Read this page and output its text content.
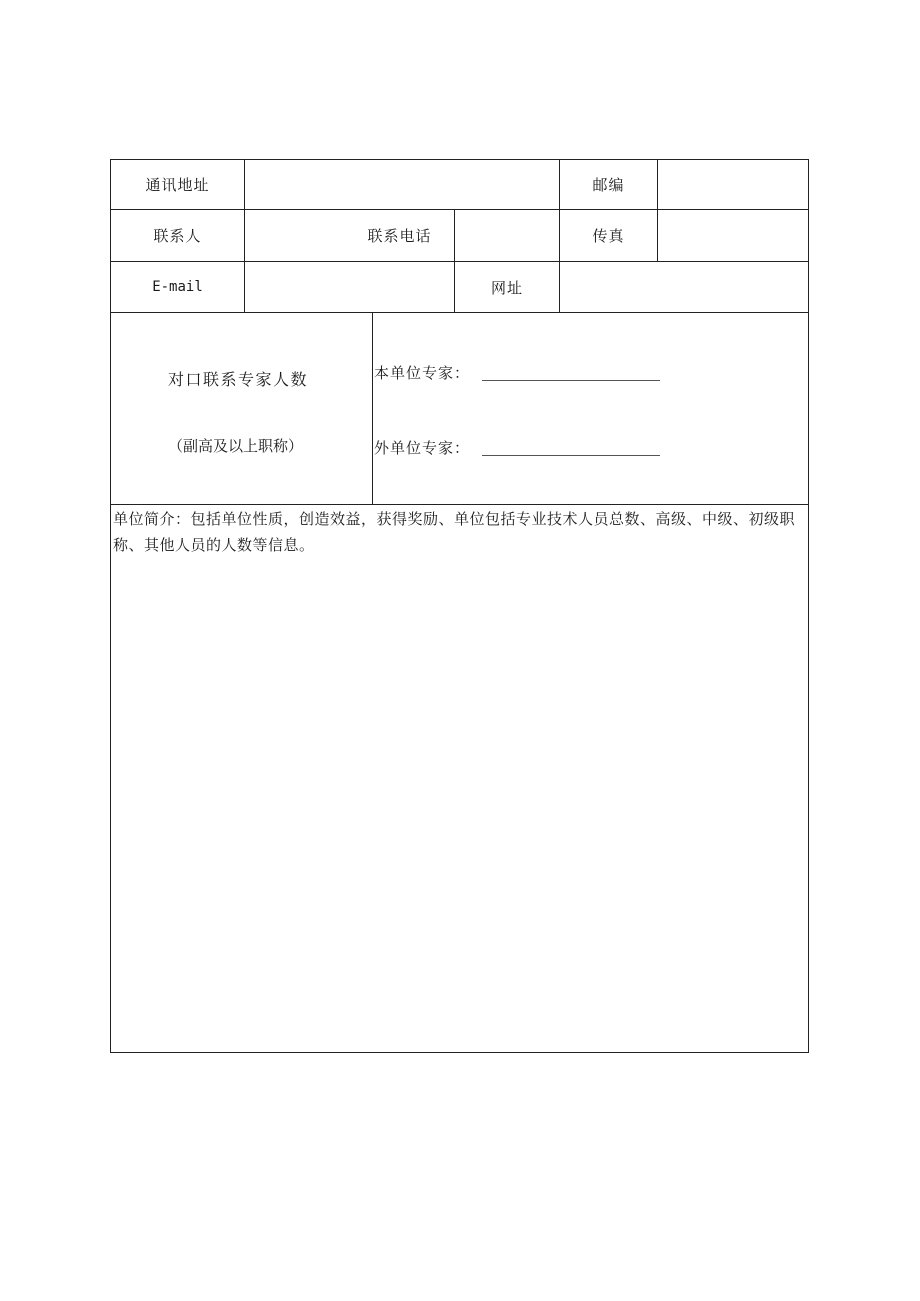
通讯地址	邮编
联系人	联系电话	传真
E-mail	网址
对口联系专家人数
（副高及以上职称）
本单位专家：
外单位专家：
单位简介：包括单位性质，创造效益，获得奖励、单位包括专业技术人员总数、高级、中级、初级职称、其他人员的人数等信息。
